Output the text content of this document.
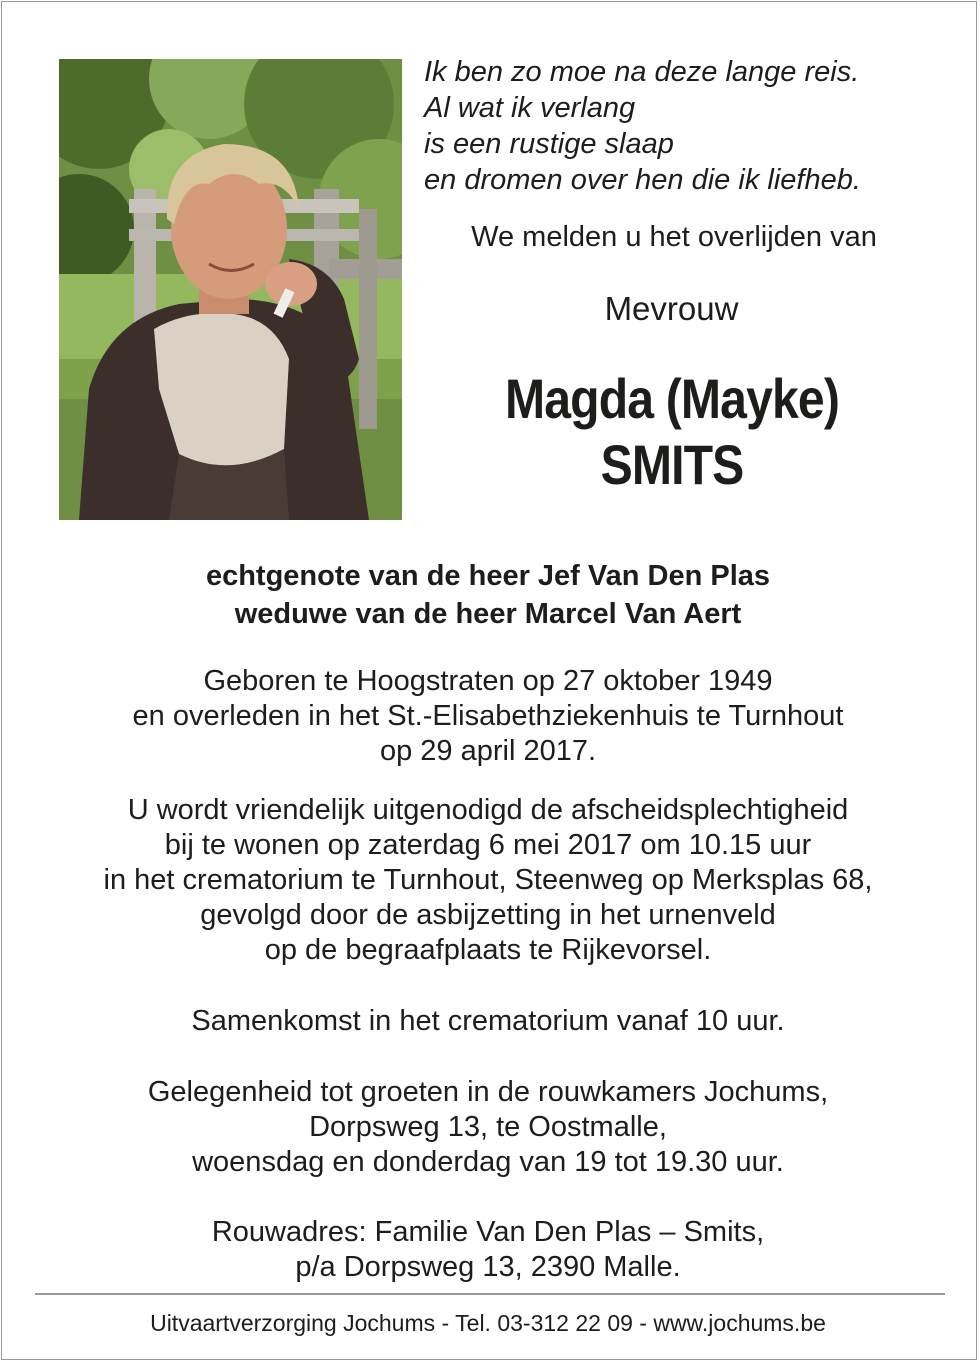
Ik ben zo moe na deze lange reis.
Al wat ik verlang
is een rustige slaap
en dromen over hen die ik liefheb.
We melden u het overlijden van
Mevrouw
Magda (Mayke)
SMITS
echtgenote van de heer Jef Van Den Plas
weduwe van de heer Marcel Van Aert
Geboren te Hoogstraten op 27 oktober 1949
en overleden in het St.-Elisabethziekenhuis te Turnhout
op 29 april 2017.
U wordt vriendelijk uitgenodigd de afscheidsplechtigheid
bij te wonen op zaterdag 6 mei 2017 om 10.15 uur
in het crematorium te Turnhout, Steenweg op Merksplas 68,
gevolgd door de asbijzetting in het urnenveld
op de begraafplaats te Rijkevorsel.
Samenkomst in het crematorium vanaf 10 uur.
Gelegenheid tot groeten in de rouwkamers Jochums,
Dorpsweg 13, te Oostmalle,
woensdag en donderdag van 19 tot 19.30 uur.
Rouwadres: Familie Van Den Plas – Smits,
p/a Dorpsweg 13, 2390 Malle.
Uitvaartverzorging Jochums - Tel. 03-312 22 09 - www.jochums.be
